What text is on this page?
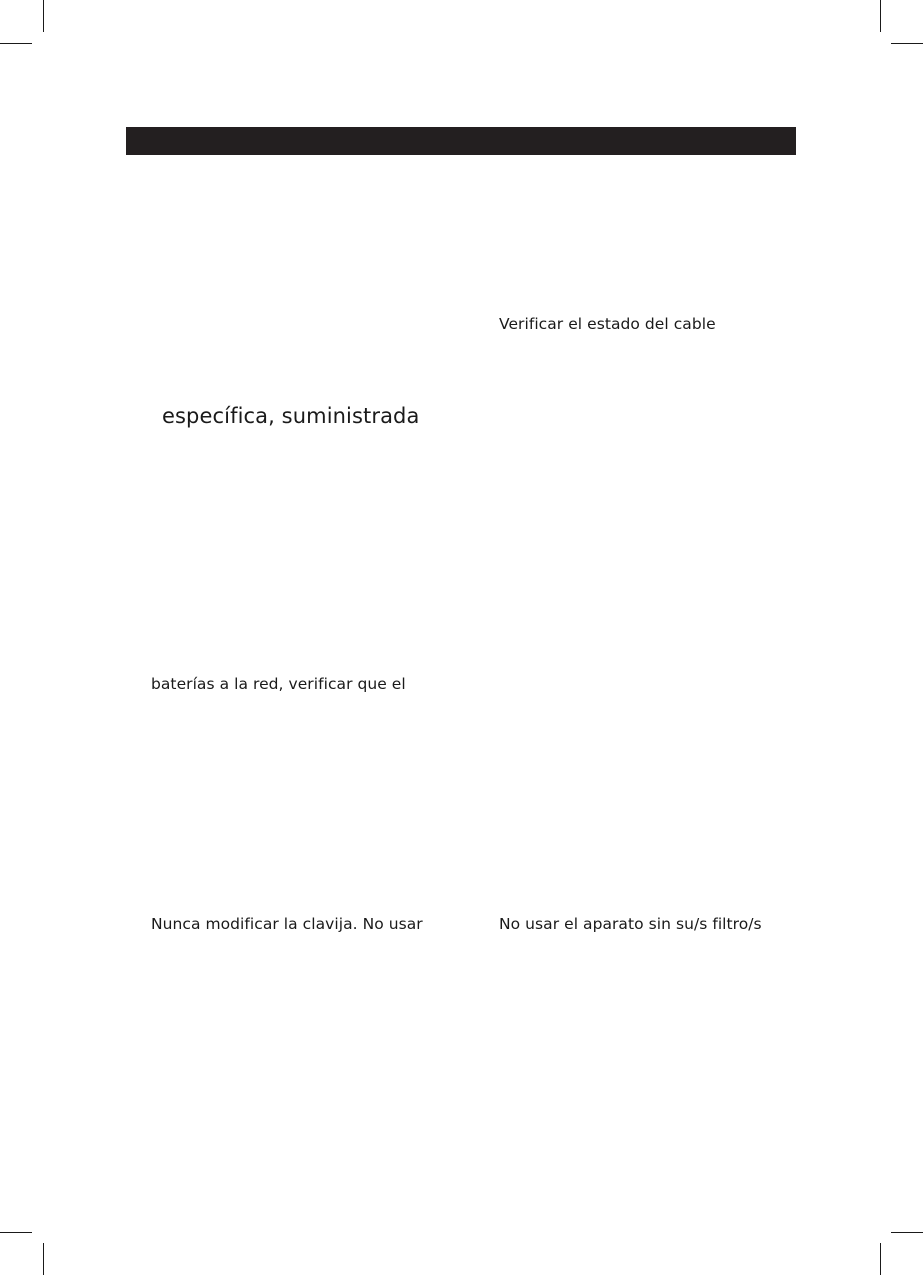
Verificar el estado del cable
específica, suministrada
baterías a la red, verificar que el
Nunca modificar la clavija. No usar	No usar el aparato sin su/s filtro/s
